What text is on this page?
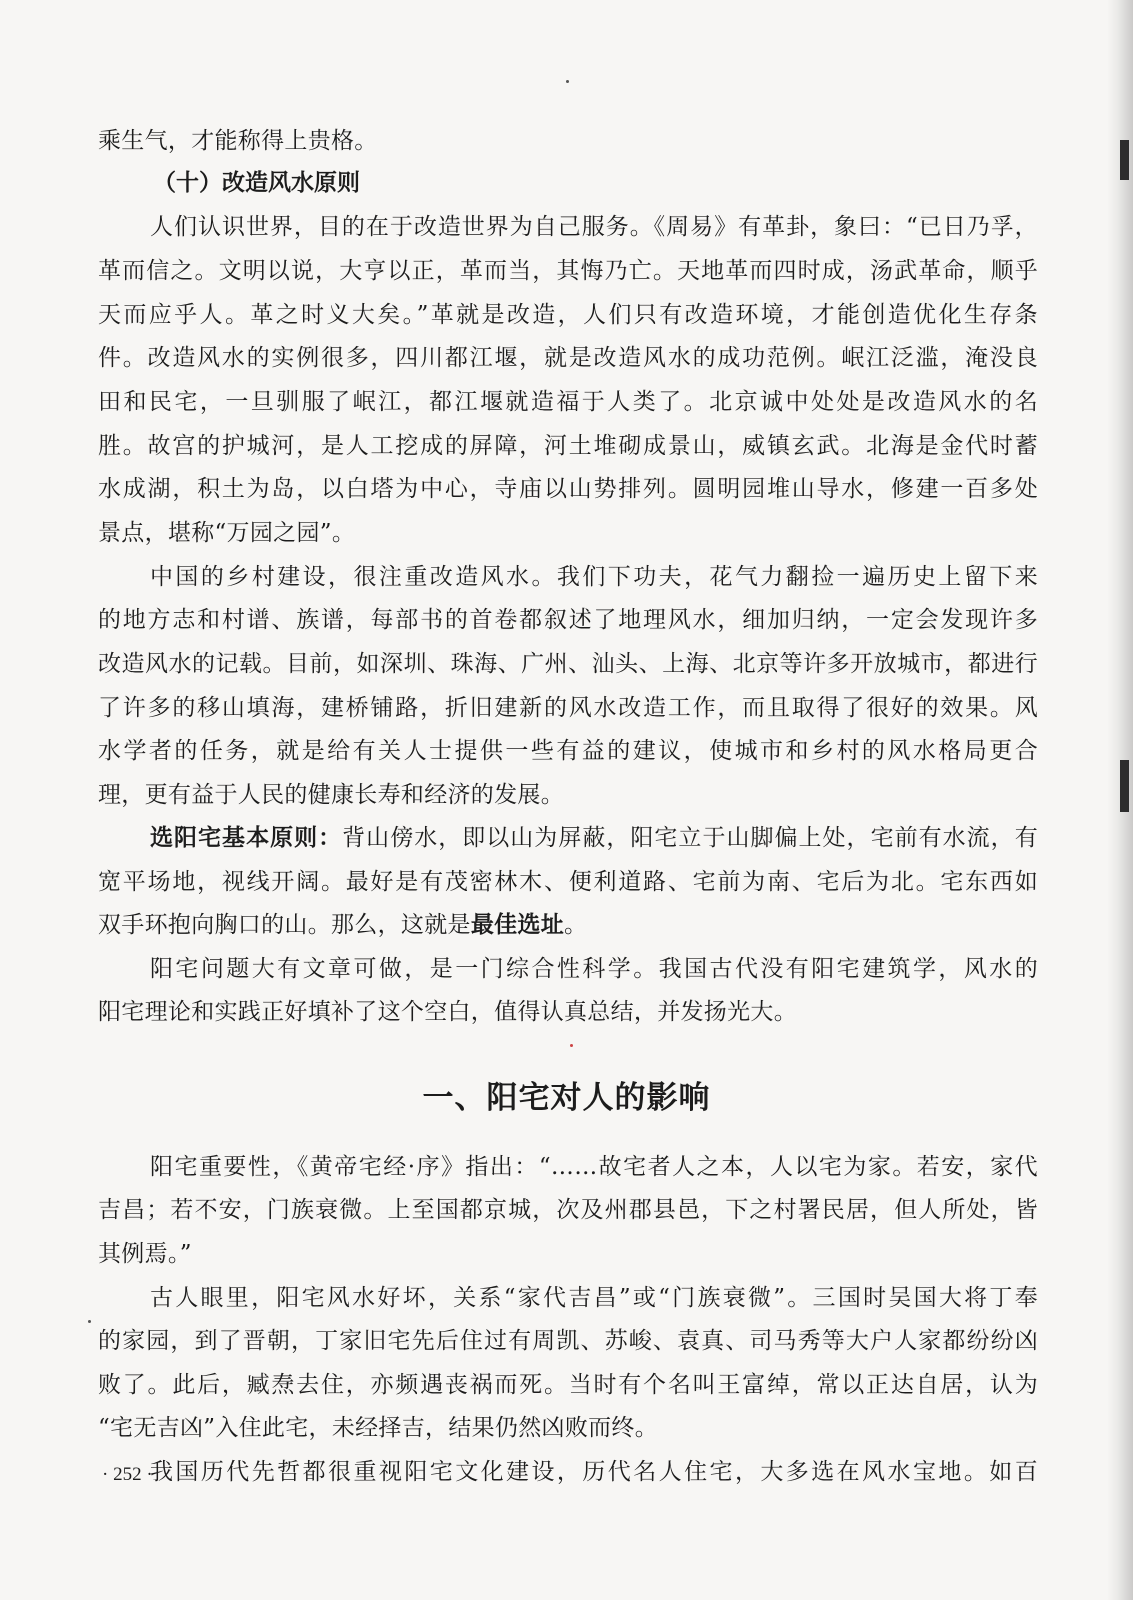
乘生气，才能称得上贵格。
（十）改造风水原则
人们认识世界，目的在于改造世界为自己服务。《周易》有革卦，象曰：“已日乃孚，
革而信之。文明以说，大亨以正，革而当，其悔乃亡。天地革而四时成，汤武革命，顺乎
天而应乎人。革之时义大矣。”革就是改造，人们只有改造环境，才能创造优化生存条
件。改造风水的实例很多，四川都江堰，就是改造风水的成功范例。岷江泛滥，淹没良
田和民宅，一旦驯服了岷江，都江堰就造福于人类了。北京诚中处处是改造风水的名
胜。故宫的护城河，是人工挖成的屏障，河土堆砌成景山，威镇玄武。北海是金代时蓄
水成湖，积土为岛，以白塔为中心，寺庙以山势排列。圆明园堆山导水，修建一百多处
景点，堪称“万园之园”。
中国的乡村建设，很注重改造风水。我们下功夫，花气力翻捡一遍历史上留下来
的地方志和村谱、族谱，每部书的首卷都叙述了地理风水，细加归纳，一定会发现许多
改造风水的记载。目前，如深圳、珠海、广州、汕头、上海、北京等许多开放城市，都进行
了许多的移山填海，建桥铺路，折旧建新的风水改造工作，而且取得了很好的效果。风
水学者的任务，就是给有关人士提供一些有益的建议，使城市和乡村的风水格局更合
理，更有益于人民的健康长寿和经济的发展。
选阳宅基本原则：背山傍水，即以山为屏蔽，阳宅立于山脚偏上处，宅前有水流，有
宽平场地，视线开阔。最好是有茂密林木、便利道路、宅前为南、宅后为北。宅东西如
双手环抱向胸口的山。那么，这就是最佳选址。
阳宅问题大有文章可做，是一门综合性科学。我国古代没有阳宅建筑学，风水的
阳宅理论和实践正好填补了这个空白，值得认真总结，并发扬光大。
一、阳宅对人的影响
阳宅重要性，《黄帝宅经·序》指出：“……故宅者人之本，人以宅为家。若安，家代
吉昌；若不安，门族衰微。上至国都京城，次及州郡县邑，下之村署民居，但人所处，皆
其例焉。”
古人眼里，阳宅风水好坏，关系“家代吉昌”或“门族衰微”。三国时吴国大将丁奉
的家园，到了晋朝，丁家旧宅先后住过有周凯、苏峻、袁真、司马秀等大户人家都纷纷凶
败了。此后，臧焘去住，亦频遇丧祸而死。当时有个名叫王富绰，常以正达自居，认为
“宅无吉凶”入住此宅，未经择吉，结果仍然凶败而终。
我国历代先哲都很重视阳宅文化建设，历代名人住宅，大多选在风水宝地。如百
· 252 ·
